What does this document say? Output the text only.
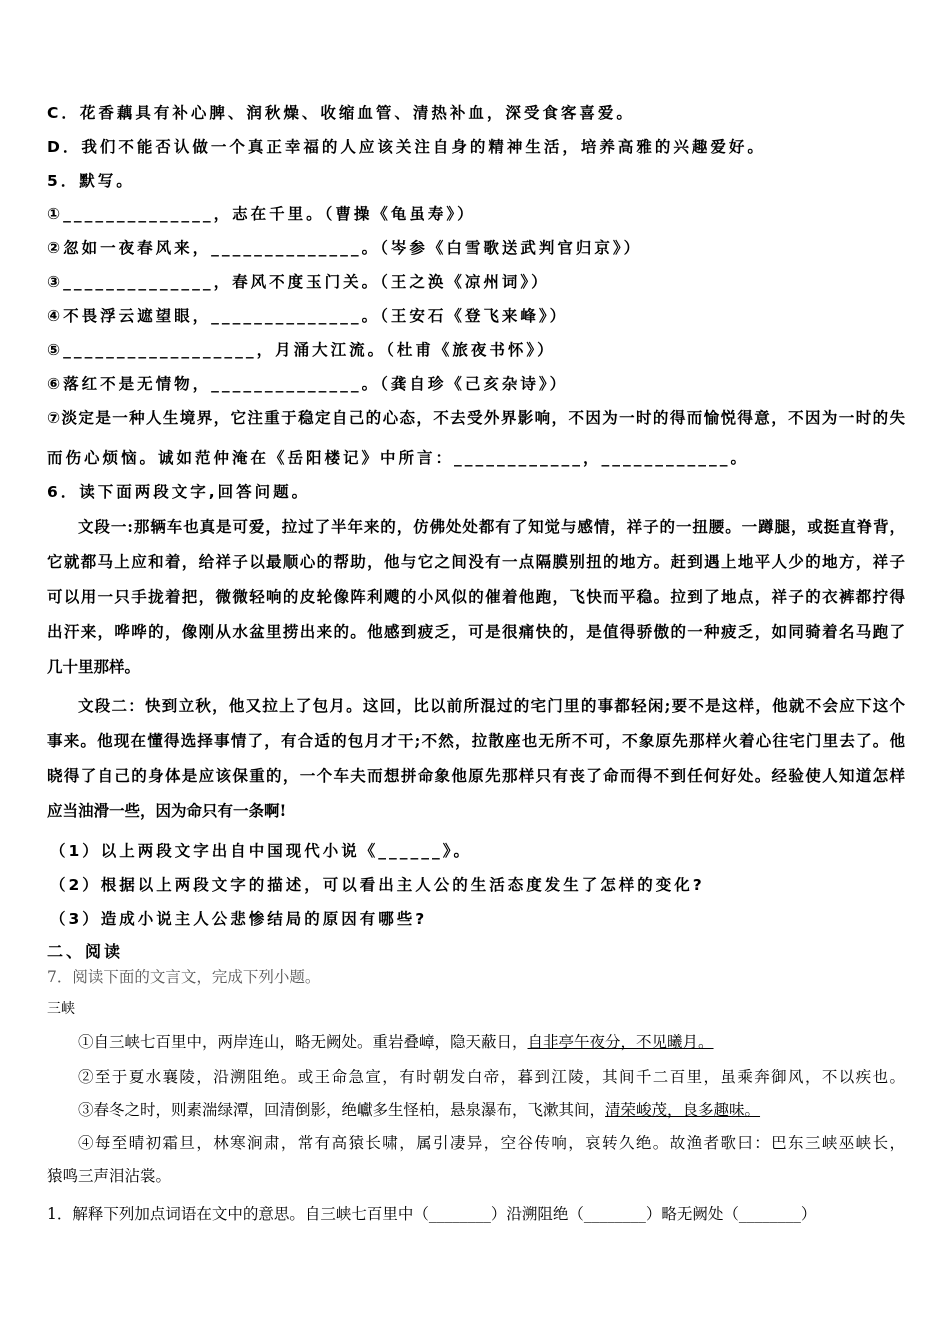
C．花香藕具有补心脾、润秋燥、收缩血管、清热补血，深受食客喜爱。
D．我们不能否认做一个真正幸福的人应该关注自身的精神生活，培养高雅的兴趣爱好。
5．默写。
①______________，志在千里。（曹操《龟虽寿》）
②忽如一夜春风来，______________。（岑参《白雪歌送武判官归京》）
③______________，春风不度玉门关。（王之涣《凉州词》）
④不畏浮云遮望眼，______________。（王安石《登飞来峰》）
⑤__________________，月涌大江流。（杜甫《旅夜书怀》）
⑥落红不是无情物，______________。（龚自珍《己亥杂诗》）
⑦淡定是一种人生境界，它注重于稳定自己的心态，不去受外界影响，不因为一时的得而愉悦得意，不因为一时的失
而伤心烦恼。诚如范仲淹在《岳阳楼记》中所言：____________，____________。
6．读下面两段文字,回答问题。
文段一:那辆车也真是可爱，拉过了半年来的，仿佛处处都有了知觉与感情，祥子的一扭腰。一蹲腿，或挺直脊背，
它就都马上应和着，给祥子以最顺心的帮助，他与它之间没有一点隔膜别扭的地方。赶到遇上地平人少的地方，祥子
可以用一只手拢着把，微微轻响的皮轮像阵利飕的小风似的催着他跑，飞快而平稳。拉到了地点，祥子的衣裤都拧得
出汗来，哗哗的，像刚从水盆里捞出来的。他感到疲乏，可是很痛快的，是值得骄傲的一种疲乏，如同骑着名马跑了
几十里那样。
文段二：快到立秋，他又拉上了包月。这回，比以前所混过的宅门里的事都轻闲;要不是这样，他就不会应下这个
事来。他现在懂得选择事情了，有合适的包月才干;不然，拉散座也无所不可，不象原先那样火着心往宅门里去了。他
晓得了自己的身体是应该保重的，一个车夫而想拼命象他原先那样只有丧了命而得不到任何好处。经验使人知道怎样
应当油滑一些，因为命只有一条啊!
（1）以上两段文字出自中国现代小说《______》。
（2）根据以上两段文字的描述，可以看出主人公的生活态度发生了怎样的变化?
（3）造成小说主人公悲惨结局的原因有哪些?
二、阅读
7．阅读下面的文言文，完成下列小题。
三峡
①自三峡七百里中，两岸连山，略无阙处。重岩叠嶂，隐天蔽日，自非亭午夜分，不见曦月。
②至于夏水襄陵，沿溯阻绝。或王命急宣，有时朝发白帝，暮到江陵，其间千二百里，虽乘奔御风，不以疾也。
③春冬之时，则素湍绿潭，回清倒影，绝巘多生怪柏，悬泉瀑布，飞漱其间，清荣峻茂，良多趣味。
④每至晴初霜旦，林寒涧肃，常有高猿长啸，属引凄异，空谷传响，哀转久绝。故渔者歌曰：巴东三峡巫峡长，
猿鸣三声泪沾裳。
1．解释下列加点词语在文中的意思。自三峡七百里中（________）沿溯阻绝（________）略无阙处（________）
